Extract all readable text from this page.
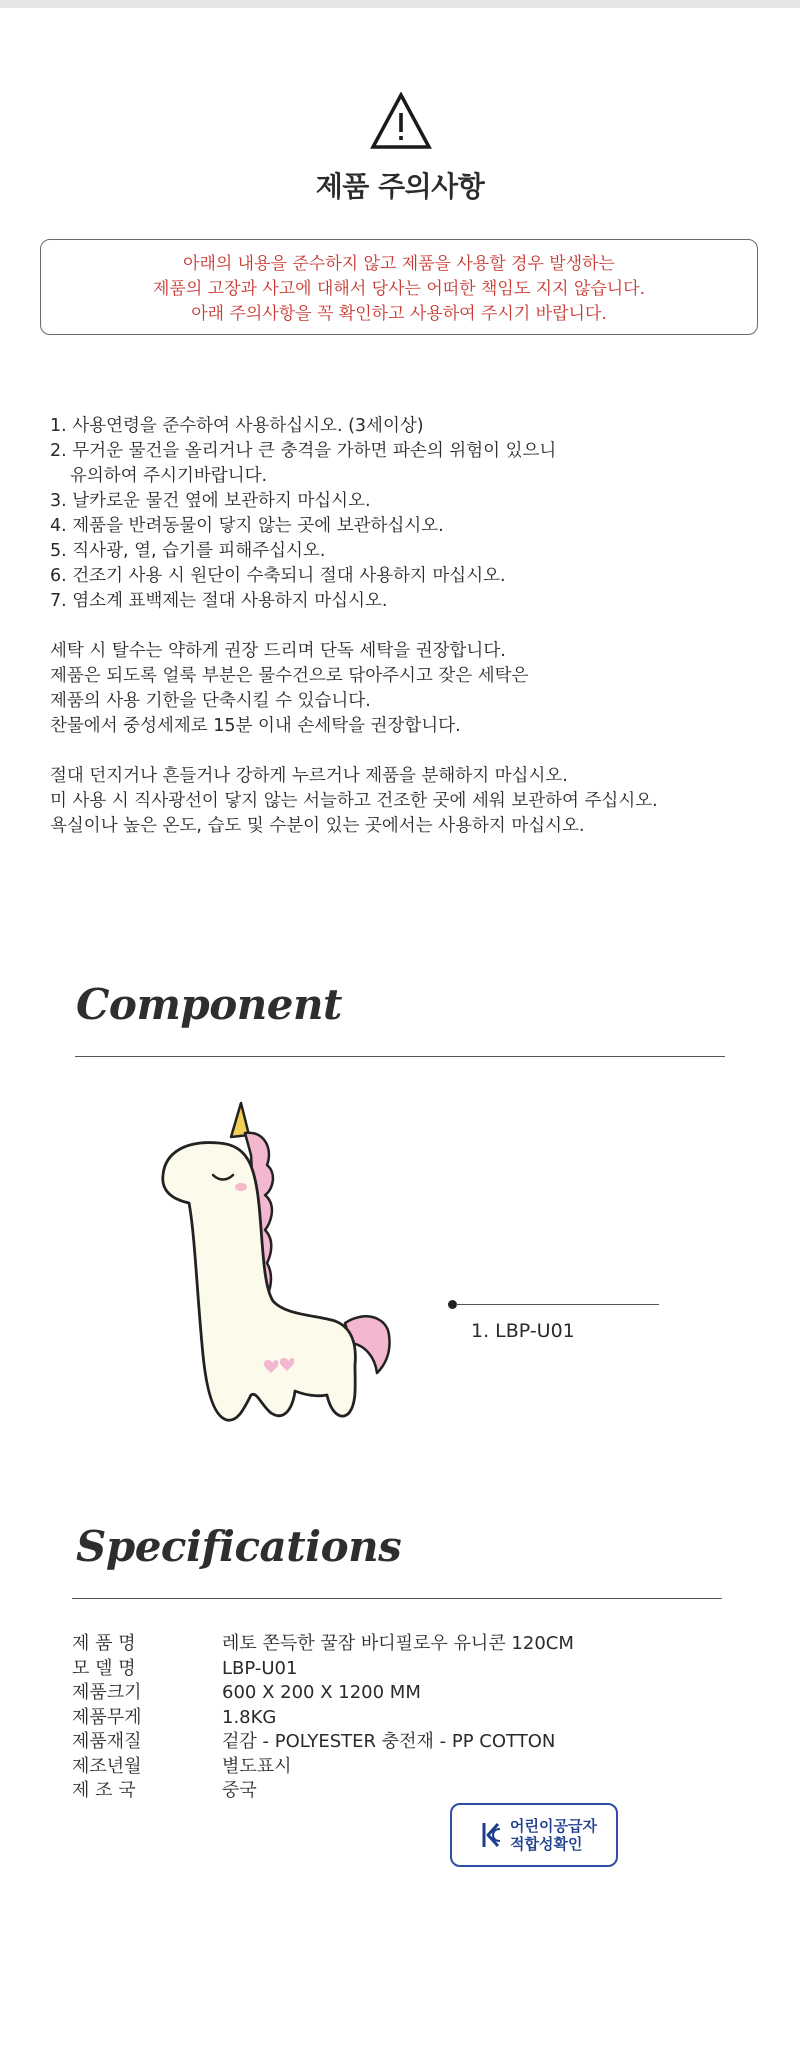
제품 주의사항
아래의 내용을 준수하지 않고 제품을 사용할 경우 발생하는
제품의 고장과 사고에 대해서 당사는 어떠한 책임도 지지 않습니다.
아래 주의사항을 꼭 확인하고 사용하여 주시기 바랍니다.
1. 사용연령을 준수하여 사용하십시오. (3세이상)
2. 무거운 물건을 올리거나 큰 충격을 가하면 파손의 위험이 있으니
유의하여 주시기바랍니다.
3. 날카로운 물건 옆에 보관하지 마십시오.
4. 제품을 반려동물이 닿지 않는 곳에 보관하십시오.
5. 직사광, 열, 습기를 피해주십시오.
6. 건조기 사용 시 원단이 수축되니 절대 사용하지 마십시오.
7. 염소계 표백제는 절대 사용하지 마십시오.
세탁 시 탈수는 약하게 권장 드리며 단독 세탁을 권장합니다.
제품은 되도록 얼룩 부분은 물수건으로 닦아주시고 잦은 세탁은
제품의 사용 기한을 단축시킬 수 있습니다.
찬물에서 중성세제로 15분 이내 손세탁을 권장합니다.
절대 던지거나 흔들거나 강하게 누르거나 제품을 분해하지 마십시오.
미 사용 시 직사광선이 닿지 않는 서늘하고 건조한 곳에 세워 보관하여 주십시오.
욕실이나 높은 온도, 습도 및 수분이 있는 곳에서는 사용하지 마십시오.
Component
1. LBP-U01
Specifications
제 품 명	레토 쫀득한 꿀잠 바디필로우 유니콘 120CM
모 델 명	LBP-U01
제품크기	600 X 200 X 1200 MM
제품무게	1.8KG
제품재질	겉감 - POLYESTER 충전재 - PP COTTON
제조년월	별도표시
제 조 국	중국
어린이공급자
적합성확인
